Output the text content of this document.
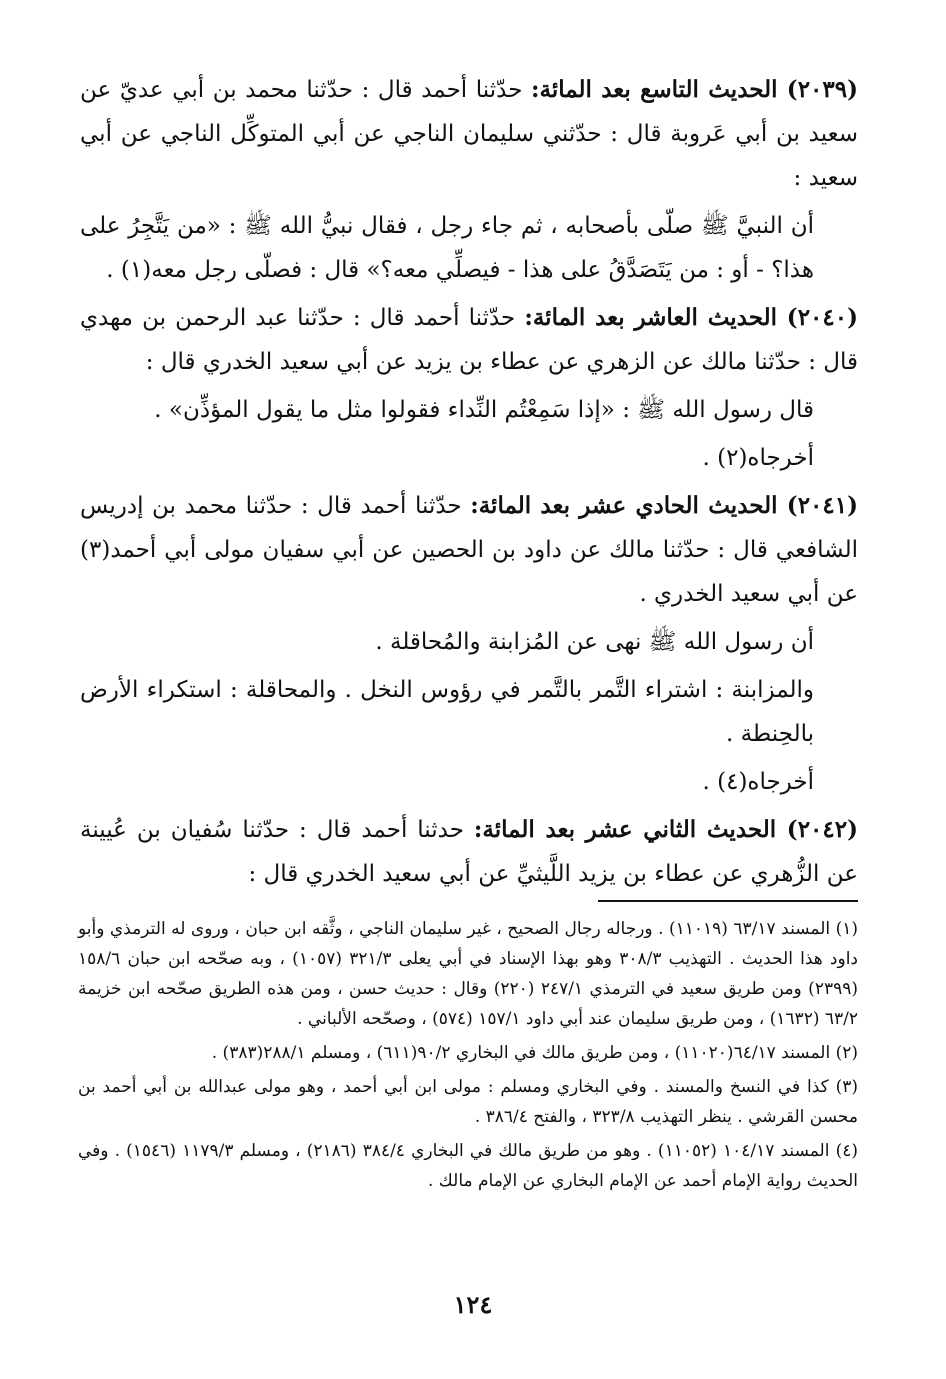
(٢٠٣٩) الحديث التاسع بعد المائة: حدّثنا أحمد قال : حدّثنا محمد بن أبي عديّ عن سعيد بن أبي عَروبة قال : حدّثني سليمان الناجي عن أبي المتوكِّل الناجي عن أبي سعيد :

أن النبيَّ ﷺ صلّى بأصحابه ، ثم جاء رجل ، فقال نبيُّ الله ﷺ : «من يَتَّجِرُ على هذا؟ - أو : من يَتَصَدَّقُ على هذا - فيصلِّي معه؟» قال : فصلّى رجل معه(١) .

(٢٠٤٠) الحديث العاشر بعد المائة: حدّثنا أحمد قال : حدّثنا عبد الرحمن بن مهدي قال : حدّثنا مالك عن الزهري عن عطاء بن يزيد عن أبي سعيد الخدري قال :

قال رسول الله ﷺ : «إذا سَمِعْتُم النِّداء فقولوا مثل ما يقول المؤذِّن» .

أخرجاه(٢) .

(٢٠٤١) الحديث الحادي عشر بعد المائة: حدّثنا أحمد قال : حدّثنا محمد بن إدريس الشافعي قال : حدّثنا مالك عن داود بن الحصين عن أبي سفيان مولى أبي أحمد(٣) عن أبي سعيد الخدري .

أن رسول الله ﷺ نهى عن المُزابنة والمُحاقلة .

والمزابنة : اشتراء التَّمر بالتَّمر في رؤوس النخل . والمحاقلة : استكراء الأرض بالحِنطة .

أخرجاه(٤) .

(٢٠٤٢) الحديث الثاني عشر بعد المائة: حدثنا أحمد قال : حدّثنا سُفيان بن عُيينة عن الزُّهري عن عطاء بن يزيد اللَّيثيِّ عن أبي سعيد الخدري قال :

(١) المسند ٦٣/١٧ (١١٠١٩) . ورجاله رجال الصحيح ، غير سليمان الناجي ، وثَّقه ابن حبان ، وروى له الترمذي وأبو داود هذا الحديث . التهذيب ٣٠٨/٣ وهو بهذا الإسناد في أبي يعلى ٣٢١/٣ (١٠٥٧) ، وبه صحّحه ابن حبان ١٥٨/٦ (٢٣٩٩) ومن طريق سعيد في الترمذي ٢٤٧/١ (٢٢٠) وقال : حديث حسن ، ومن هذه الطريق صحّحه ابن خزيمة ٦٣/٢ (١٦٣٢) ، ومن طريق سليمان عند أبي داود ١٥٧/١ (٥٧٤) ، وصحّحه الألباني .

(٢) المسند ٦٤/١٧(١١٠٢٠) ، ومن طريق مالك في البخاري ٩٠/٢(٦١١) ، ومسلم ٢٨٨/١(٣٨٣) .

(٣) كذا في النسخ والمسند . وفي البخاري ومسلم : مولى ابن أبي أحمد ، وهو مولى عبدالله بن أبي أحمد بن محسن القرشي . ينظر التهذيب ٣٢٣/٨ ، والفتح ٣٨٦/٤ .

(٤) المسند ١٠٤/١٧ (١١٠٥٢) . وهو من طريق مالك في البخاري ٣٨٤/٤ (٢١٨٦) ، ومسلم ١١٧٩/٣ (١٥٤٦) . وفي الحديث رواية الإمام أحمد عن الإمام البخاري عن الإمام مالك .

١٢٤
